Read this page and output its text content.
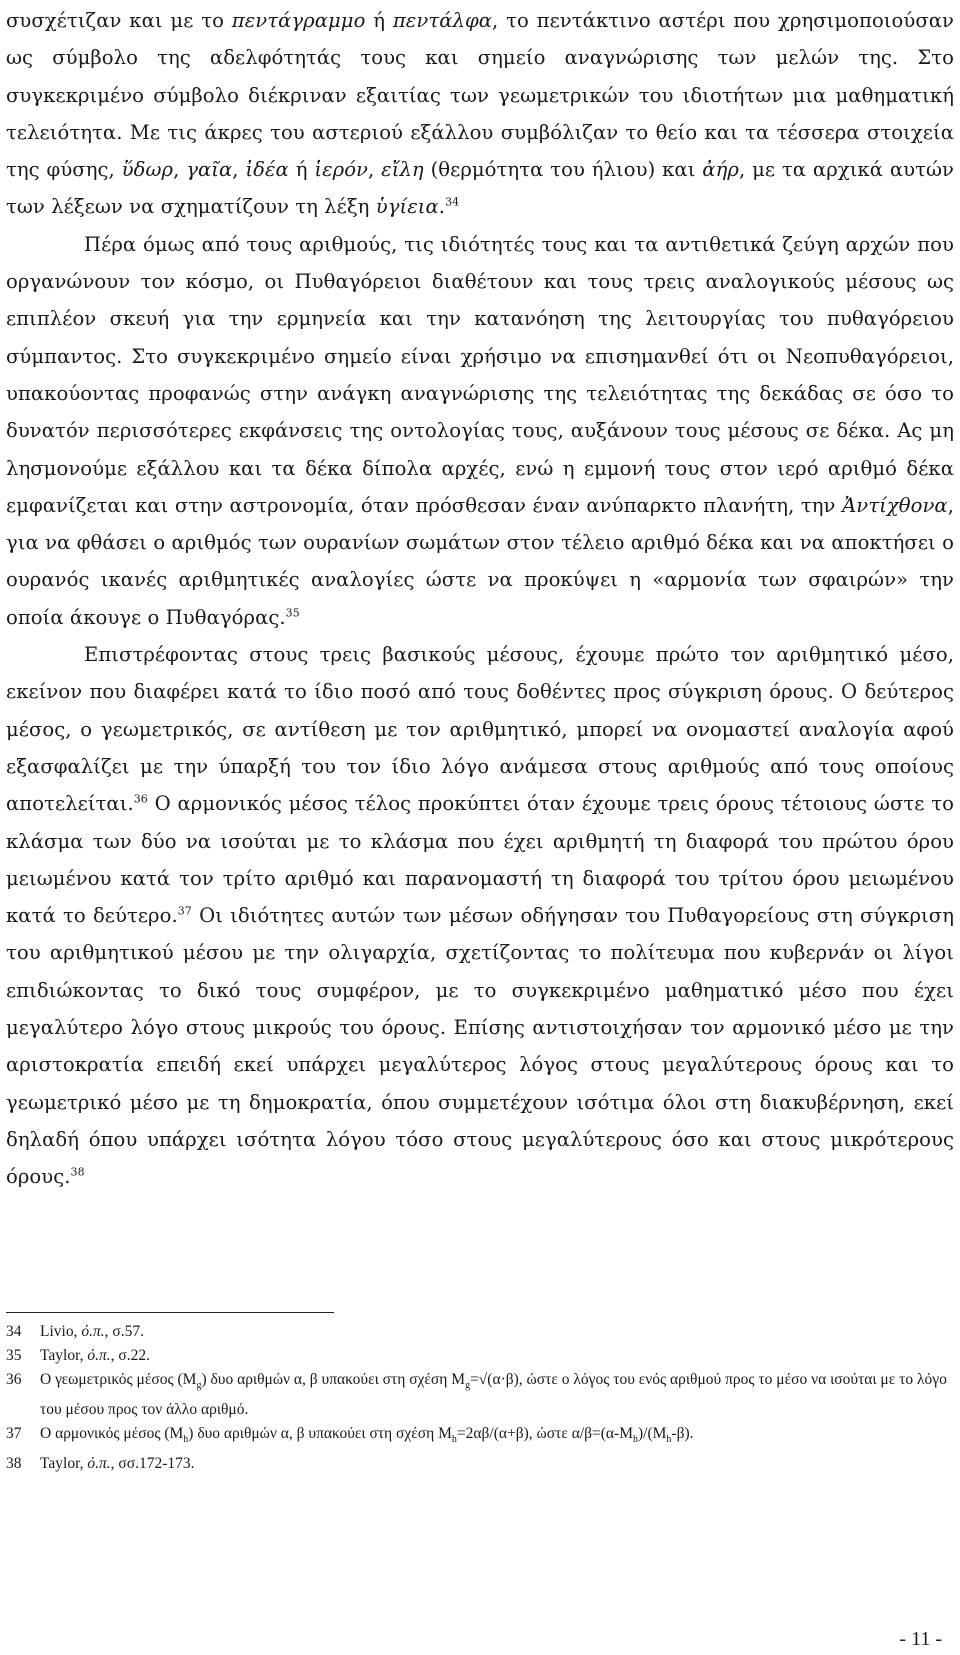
συσχέτιζαν και με το πεντάγραμμο ή πεντάλφα, το πεντάκτινο αστέρι που χρησιμοποιούσαν ως σύμβολο της αδελφότητάς τους και σημείο αναγνώρισης των μελών της. Στο συγκεκριμένο σύμβολο διέκριναν εξαιτίας των γεωμετρικών του ιδιοτήτων μια μαθηματική τελειότητα. Με τις άκρες του αστεριού εξάλλου συμβόλιζαν το θείο και τα τέσσερα στοιχεία της φύσης, ὕδωρ, γαῖα, ἰδέα ή ἱερόν, εἴλη (θερμότητα του ήλιου) και ἀήρ, με τα αρχικά αυτών των λέξεων να σχηματίζουν τη λέξη ὑγίεια.$^{34}$

Πέρα όμως από τους αριθμούς, τις ιδιότητές τους και τα αντιθετικά ζεύγη αρχών που οργανώνουν τον κόσμο, οι Πυθαγόρειοι διαθέτουν και τους τρεις αναλογικούς μέσους ως επιπλέον σκευή για την ερμηνεία και την κατανόηση της λειτουργίας του πυθαγόρειου σύμπαντος. Στο συγκεκριμένο σημείο είναι χρήσιμο να επισημανθεί ότι οι Νεοπυθαγόρειοι, υπακούοντας προφανώς στην ανάγκη αναγνώρισης της τελειότητας της δεκάδας σε όσο το δυνατόν περισσότερες εκφάνσεις της οντολογίας τους, αυξάνουν τους μέσους σε δέκα. Ας μη λησμονούμε εξάλλου και τα δέκα δίπολα αρχές, ενώ η εμμονή τους στον ιερό αριθμό δέκα εμφανίζεται και στην αστρονομία, όταν πρόσθεσαν έναν ανύπαρκτο πλανήτη, την Ἀντίχθονα, για να φθάσει ο αριθμός των ουρανίων σωμάτων στον τέλειο αριθμό δέκα και να αποκτήσει ο ουρανός ικανές αριθμητικές αναλογίες ώστε να προκύψει η «αρμονία των σφαιρών» την οποία άκουγε ο Πυθαγόρας.$^{35}$

Επιστρέφοντας στους τρεις βασικούς μέσους, έχουμε πρώτο τον αριθμητικό μέσο, εκείνον που διαφέρει κατά το ίδιο ποσό από τους δοθέντες προς σύγκριση όρους. Ο δεύτερος μέσος, ο γεωμετρικός, σε αντίθεση με τον αριθμητικό, μπορεί να ονομαστεί αναλογία αφού εξασφαλίζει με την ύπαρξή του τον ίδιο λόγο ανάμεσα στους αριθμούς από τους οποίους αποτελείται.$^{36}$ Ο αρμονικός μέσος τέλος προκύπτει όταν έχουμε τρεις όρους τέτοιους ώστε το κλάσμα των δύο να ισούται με το κλάσμα που έχει αριθμητή τη διαφορά του πρώτου όρου μειωμένου κατά τον τρίτο αριθμό και παρανομαστή τη διαφορά του τρίτου όρου μειωμένου κατά το δεύτερο.$^{37}$ Οι ιδιότητες αυτών των μέσων οδήγησαν του Πυθαγορείους στη σύγκριση του αριθμητικού μέσου με την ολιγαρχία, σχετίζοντας το πολίτευμα που κυβερνάν οι λίγοι επιδιώκοντας το δικό τους συμφέρον, με το συγκεκριμένο μαθηματικό μέσο που έχει μεγαλύτερο λόγο στους μικρούς του όρους. Επίσης αντιστοιχήσαν τον αρμονικό μέσο με την αριστοκρατία επειδή εκεί υπάρχει μεγαλύτερος λόγος στους μεγαλύτερους όρους και το γεωμετρικό μέσο με τη δημοκρατία, όπου συμμετέχουν ισότιμα όλοι στη διακυβέρνηση, εκεί δηλαδή όπου υπάρχει ισότητα λόγου τόσο στους μεγαλύτερους όσο και στους μικρότερους όρους.$^{38}$

34	Livio, ό.π., σ.57.
35	Taylor, ό.π., σ.22.
36	Ο γεωμετρικός μέσος $(M_g)$ δυο αριθμών α, β υπακούει στη σχέση $M_g=√(\alpha\cdot\beta)$, ώστε ο λόγος του ενός αριθμού προς το μέσο να ισούται με το λόγο του μέσου προς τον άλλο αριθμό.
37	Ο αρμονικός μέσος $(M_h)$ δυο αριθμών α, β υπακούει στη σχέση $M_h=2\alpha\beta/(\alpha+\beta)$, ώστε $\alpha/\beta=(\alpha-M_h)/(M_h-\beta)$.
38	Taylor, ό.π., σσ.172-173.
- 11 -
